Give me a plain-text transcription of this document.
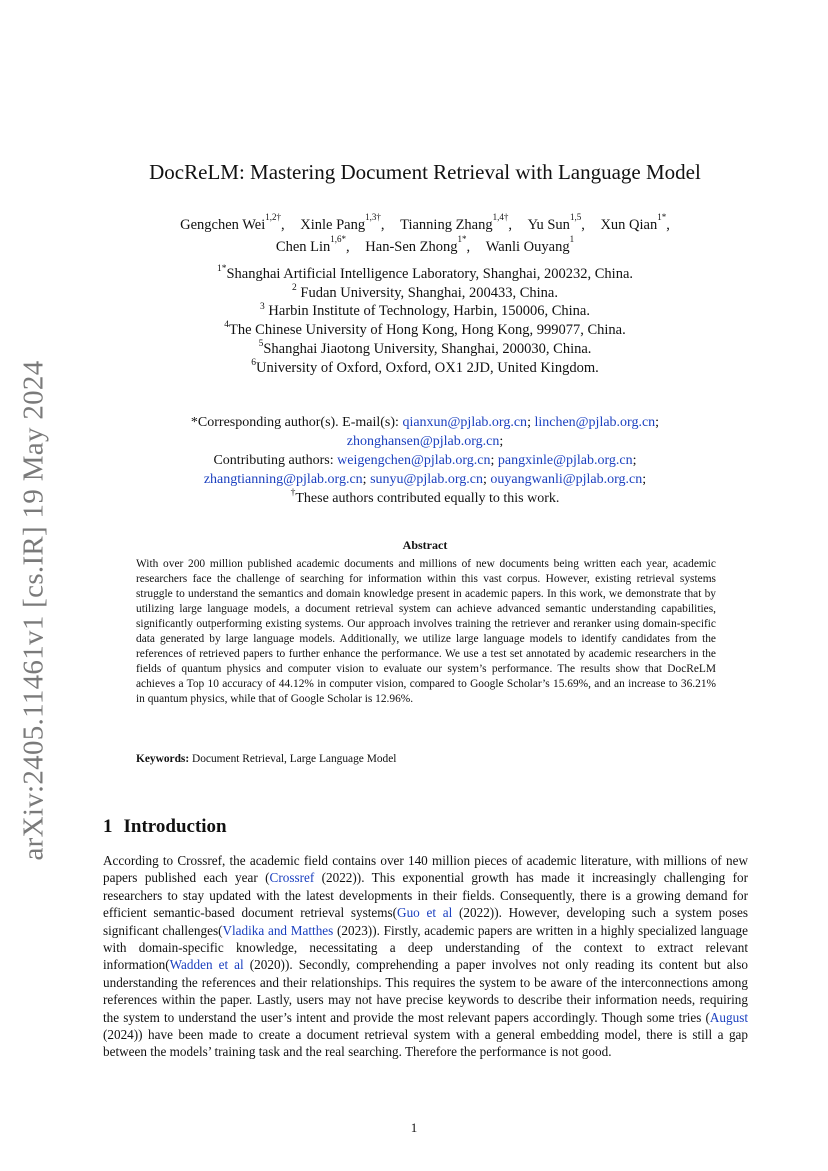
arXiv:2405.11461v1 [cs.IR] 19 May 2024
DocReLM: Mastering Document Retrieval with Language Model
Gengchen Wei$^{1,2\dagger}$, Xinle Pang$^{1,3\dagger}$, Tianning Zhang$^{1,4\dagger}$, Yu Sun$^{1,5}$, Xun Qian$^{1*}$,
Chen Lin$^{1,6*}$, Han-Sen Zhong$^{1*}$, Wanli Ouyang$^1$
$^{1*}$Shanghai Artificial Intelligence Laboratory, Shanghai, 200232, China.
$^2$ Fudan University, Shanghai, 200433, China.
$^3$ Harbin Institute of Technology, Harbin, 150006, China.
$^4$The Chinese University of Hong Kong, Hong Kong, 999077, China.
$^5$Shanghai Jiaotong University, Shanghai, 200030, China.
$^6$University of Oxford, Oxford, OX1 2JD, United Kingdom.
*Corresponding author(s). E-mail(s): qianxun@pjlab.org.cn; linchen@pjlab.org.cn;
zhonghansen@pjlab.org.cn;
Contributing authors: weigengchen@pjlab.org.cn; pangxinle@pjlab.org.cn;
zhangtianning@pjlab.org.cn; sunyu@pjlab.org.cn; ouyangwanli@pjlab.org.cn;
†These authors contributed equally to this work.
Abstract

With over 200 million published academic documents and millions of new documents being written each year, academic researchers face the challenge of searching for information within this vast corpus. However, existing retrieval systems struggle to understand the semantics and domain knowledge present in academic papers. In this work, we demonstrate that by utilizing large language models, a document retrieval system can achieve advanced semantic understanding capabilities, significantly outperforming existing systems. Our approach involves training the retriever and reranker using domain-specific data generated by large language models. Additionally, we utilize large language models to identify candidates from the references of retrieved papers to further enhance the performance. We use a test set annotated by academic researchers in the fields of quantum physics and computer vision to evaluate our system’s performance. The results show that DocReLM achieves a Top 10 accuracy of 44.12% in computer vision, compared to Google Scholar’s 15.69%, and an increase to 36.21% in quantum physics, while that of Google Scholar is 12.96%.

Keywords: Document Retrieval, Large Language Model

1 Introduction

According to Crossref, the academic field contains over 140 million pieces of academic literature, with millions of new papers published each year (Crossref (2022)). This exponential growth has made it increasingly challenging for researchers to stay updated with the latest developments in their fields. Consequently, there is a growing demand for efficient semantic-based document retrieval systems(Guo et al (2022)). However, developing such a system poses significant challenges(Vladika and Matthes (2023)). Firstly, academic papers are written in a highly specialized language with domain-specific knowledge, necessitating a deep understanding of the context to extract relevant information(Wadden et al (2020)). Secondly, comprehending a paper involves not only reading its content but also understanding the references and their relationships. This requires the system to be aware of the interconnections among references within the paper. Lastly, users may not have precise keywords to describe their information needs, requiring the system to understand the user’s intent and provide the most relevant papers accordingly. Though some tries (August (2024)) have been made to create a document retrieval system with a general embedding model, there is still a gap between the models’ training task and the real searching. Therefore the performance is not good.

1
